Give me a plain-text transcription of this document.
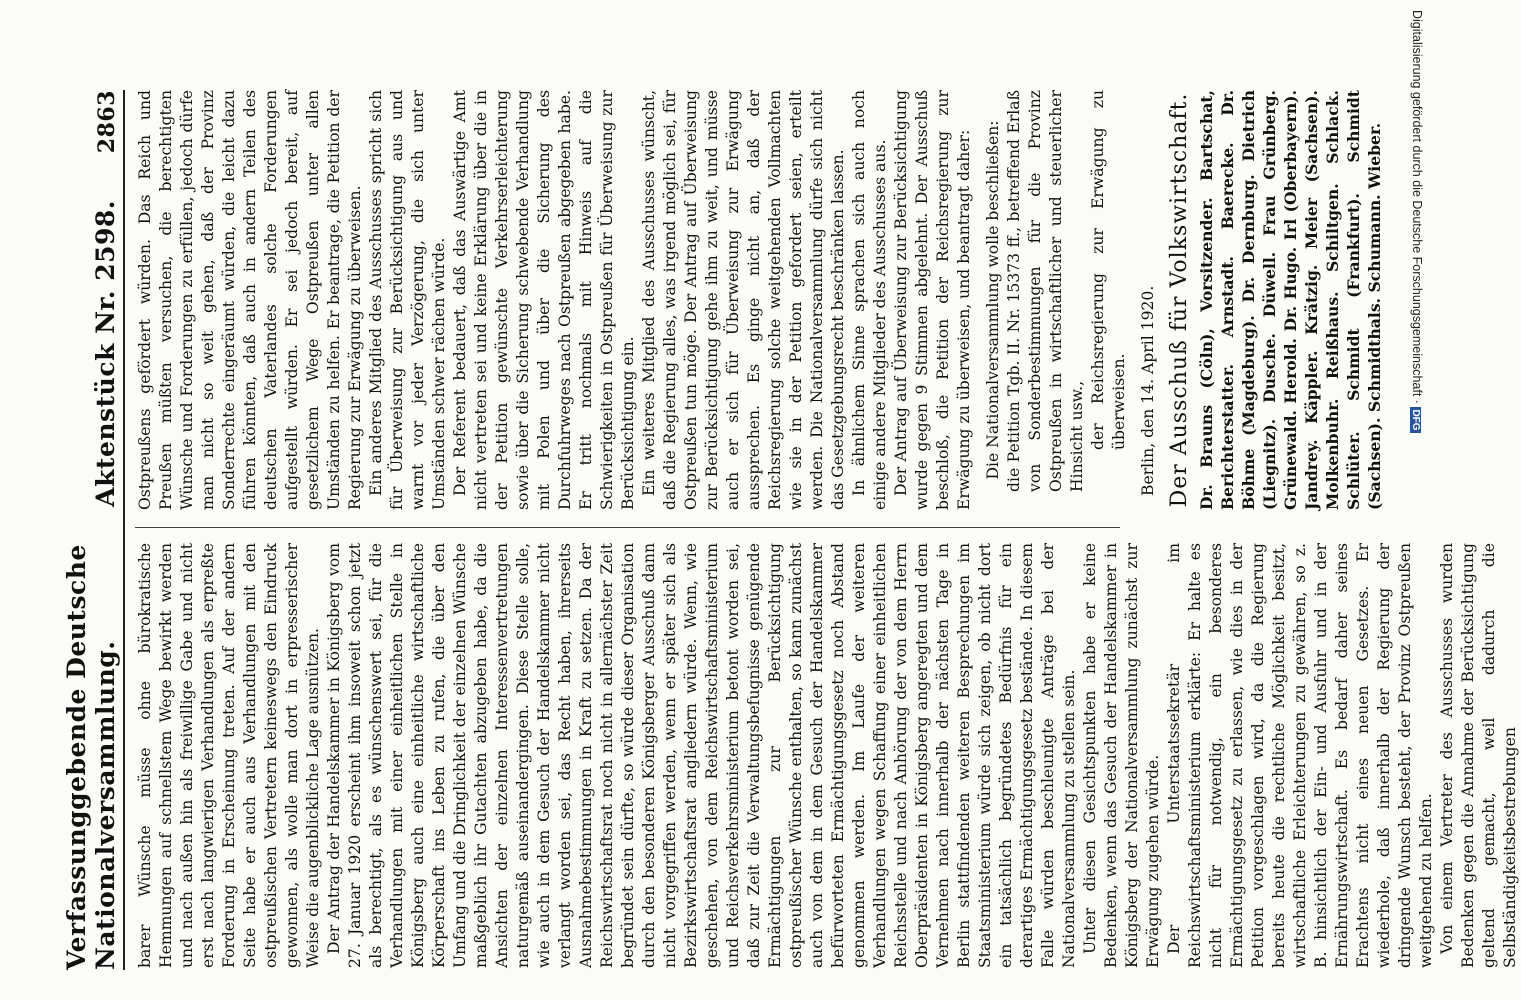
Verfassunggebende Deutsche Nationalversammlung.
Aktenstück Nr. 2598.
2863

barer Wünsche müsse ohne bürokratische Hemmungen auf schnellstem Wege bewirkt werden und nach außen hin als freiwillige Gabe und nicht erst nach langwierigen Verhandlungen als erpreßte Forderung in Erscheinung treten. Auf der andern Seite habe er auch aus Verhandlungen mit den ostpreußischen Vertretern keineswegs den Eindruck gewonnen, als wolle man dort in erpresserischer Weise die augenblickliche Lage ausnützen. Der Antrag der Handelskammer in Königsberg vom 27. Januar 1920 erscheint ihm insoweit schon jetzt als berechtigt, als es wünschenswert sei, für die Verhandlungen mit einer einheitlichen Stelle in Königsberg auch eine einheitliche wirtschaftliche Körperschaft ins Leben zu rufen, die über den Umfang und die Dringlichkeit der einzelnen Wünsche maßgeblich ihr Gutachten abzugeben habe, da die Ansichten der einzelnen Interessenvertretungen naturgemäß auseinandergingen. Diese Stelle solle, wie auch in dem Gesuch der Handelskammer nicht verlangt worden sei, das Recht haben, ihrerseits Ausnahmebestimmungen in Kraft zu setzen. Da der Reichswirtschaftsrat noch nicht in allernächster Zeit begründet sein dürfte, so würde dieser Organisation durch den besonderen Königsberger Ausschuß dann nicht vorgegriffen werden, wenn er später sich als Bezirkswirtschaftsrat angliedern würde. Wenn, wie geschehen, von dem Reichswirtschaftsministerium und Reichsverkehrsministerium betont worden sei, daß zur Zeit die Verwaltungsbefugnisse genügende Ermächtigungen zur Berücksichtigung ostpreußischer Wünsche enthalten, so kann zunächst auch von dem in dem Gesuch der Handelskammer befürworteten Ermächtigungsgesetz noch Abstand genommen werden. Im Laufe der weiteren Verhandlungen wegen Schaffung einer einheitlichen Reichsstelle und nach Anhörung der von dem Herrn Oberpräsidenten in Königsberg angeregten und dem Vernehmen nach innerhalb der nächsten Tage in Berlin stattfindenden weiteren Besprechungen im Staatsministerium würde sich zeigen, ob nicht dort ein tatsächlich begründetes Bedürfnis für ein derartiges Ermächtigungsgesetz bestände. In diesem Falle würden beschleunigte Anträge bei der Nationalversammlung zu stellen sein. Unter diesen Gesichtspunkten habe er keine Bedenken, wenn das Gesuch der Handelskammer in Königsberg der Nationalversammlung zunächst zur Erwägung zugehen würde. Der Unterstaatssekretär im Reichswirtschaftsministerium erklärte: Er halte es nicht für notwendig, ein besonderes Ermächtigungsgesetz zu erlassen, wie dies in der Petition vorgeschlagen wird, da die Regierung bereits heute die rechtliche Möglichkeit besitzt, wirtschaftliche Erleichterungen zu gewähren, so z. B. hinsichtlich der Ein- und Ausfuhr und in der Ernährungswirtschaft. Es bedarf daher seines Erachtens nicht eines neuen Gesetzes. Er wiederhole, daß innerhalb der Regierung der dringende Wunsch besteht, der Provinz Ostpreußen weitgehend zu helfen. Von einem Vertreter des Ausschusses wurden Bedenken gegen die Annahme der Berücksichtigung geltend gemacht, weil dadurch die Selbständigkeitsbestrebungen

Ostpreußens gefördert würden. Das Reich und Preußen müßten versuchen, die berechtigten Wünsche und Forderungen zu erfüllen, jedoch dürfe man nicht so weit gehen, daß der Provinz Sonderrechte eingeräumt würden, die leicht dazu führen könnten, daß auch in andern Teilen des deutschen Vaterlandes solche Forderungen aufgestellt würden. Er sei jedoch bereit, auf gesetzlichem Wege Ostpreußen unter allen Umständen zu helfen. Er beantrage, die Petition der Regierung zur Erwägung zu überweisen. Ein anderes Mitglied des Ausschusses spricht sich für Überweisung zur Berücksichtigung aus und warnt vor jeder Verzögerung, die sich unter Umständen schwer rächen würde. Der Referent bedauert, daß das Auswärtige Amt nicht vertreten sei und keine Erklärung über die in der Petition gewünschte Verkehrserleichterung sowie über die Sicherung schwebende Verhandlung mit Polen und über die Sicherung des Durchfuhrweges nach Ostpreußen abgegeben habe. Er tritt nochmals mit Hinweis auf die Schwierigkeiten in Ostpreußen für Überweisung zur Berücksichtigung ein. Ein weiteres Mitglied des Ausschusses wünscht, daß die Regierung alles, was irgend möglich sei, für Ostpreußen tun möge. Der Antrag auf Überweisung zur Berücksichtigung gehe ihm zu weit, und müsse auch er sich für Überweisung zur Erwägung aussprechen. Es ginge nicht an, daß der Reichsregierung solche weitgehenden Vollmachten wie sie in der Petition gefordert seien, erteilt werden. Die Nationalversammlung dürfe sich nicht das Gesetzgebungsrecht beschränken lassen. In ähnlichem Sinne sprachen sich auch noch einige andere Mitglieder des Ausschusses aus. Der Antrag auf Überweisung zur Berücksichtigung wurde gegen 9 Stimmen abgelehnt. Der Ausschuß beschloß, die Petition der Reichsregierung zur Erwägung zu überweisen, und beantragt daher: Die Nationalversammlung wolle beschließen: die Petition Tgb. II. Nr. 15373 ff., betreffend Erlaß von Sonderbestimmungen für die Provinz Ostpreußen in wirtschaftlicher und steuerlicher Hinsicht usw., der Reichsregierung zur Erwägung zu überweisen. Berlin, den 14. April 1920. Der Ausschuß für Volkswirtschaft. Dr. Brauns (Cöln), Vorsitzender. Bartschat, Berichterstatter. Arnstadt. Baerecke. Dr. Böhme (Magdeburg). Dr. Dernburg. Dietrich (Liegnitz). Dusche. Düwell. Frau Grünberg. Grünewald. Herold. Dr. Hugo. Irl (Oberbayern). Jandrey. Käppler. Krätzig. Meier (Sachsen). Molkenbuhr. Reißhaus. Schiltgen. Schlack. Schlüter. Schmidt (Frankfurt). Schmidt (Sachsen). Schmidthals. Schumann. Wieber. Digitalisierung gefördert durch die Deutsche Forschungsgemeinschaft · DFG
